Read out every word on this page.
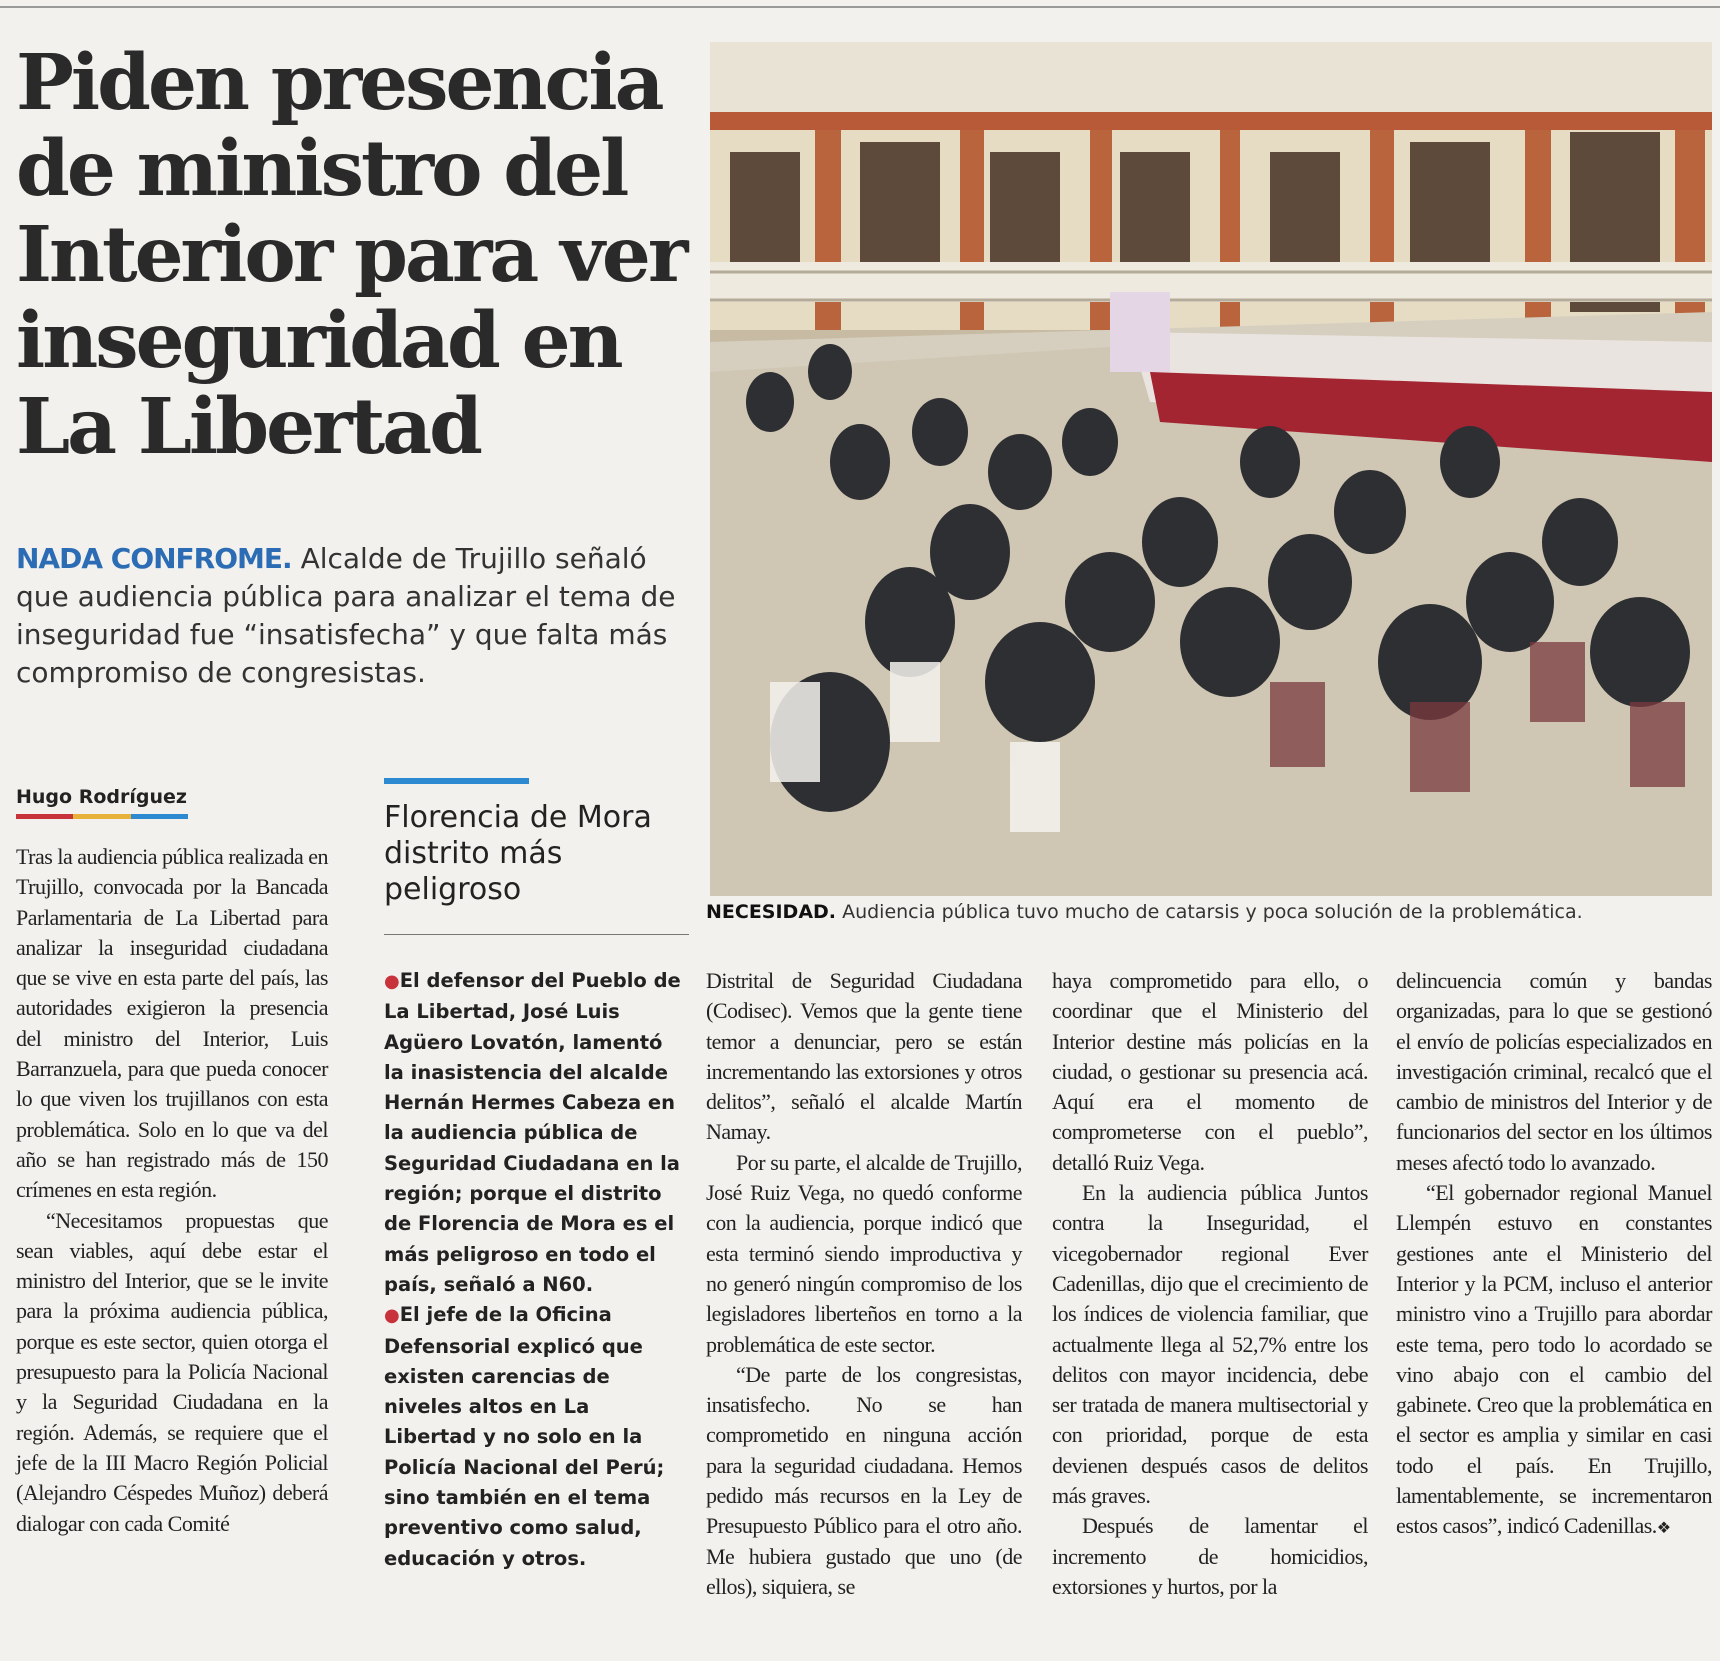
Piden presencia de ministro del Interior para ver inseguridad en La Libertad

NADA CONFROME. Alcalde de Trujillo señaló que audiencia pública para analizar el tema de inseguridad fue “insatisfecha” y que falta más compromiso de congresistas.

NECESIDAD. Audiencia pública tuvo mucho de catarsis y poca solución de la problemática.
Hugo Rodríguez
Florencia de Mora distrito más peligroso

●El defensor del Pueblo de La Libertad, José Luis Agüero Lovatón, lamentó la inasistencia del alcalde Hernán Hermes Cabeza en la audiencia pública de Seguridad Ciudadana en la región; porque el distrito de Florencia de Mora es el más peligroso en todo el país, señaló a N60.

●El jefe de la Oficina Defensorial explicó que existen carencias de niveles altos en La Libertad y no solo en la Policía Nacional del Perú; sino también en el tema preventivo como salud, educación y otros.

Tras la audiencia pública realizada en Trujillo, convocada por la Bancada Parlamentaria de La Libertad para analizar la inseguridad ciudadana que se vive en esta parte del país, las autoridades exigieron la presencia del ministro del Interior, Luis Barranzuela, para que pueda conocer lo que viven los trujillanos con esta problemática. Solo en lo que va del año se han registrado más de 150 crímenes en esta región.

“Necesitamos propuestas que sean viables, aquí debe estar el ministro del Interior, que se le invite para la próxima audiencia pública, porque es este sector, quien otorga el presupuesto para la Policía Nacional y la Seguridad Ciudadana en la región. Además, se requiere que el jefe de la III Macro Región Policial (Alejandro Céspedes Muñoz) deberá dialogar con cada Comité

Distrital de Seguridad Ciudadana (Codisec). Vemos que la gente tiene temor a denunciar, pero se están incrementando las extorsiones y otros delitos”, señaló el alcalde Martín Namay.

Por su parte, el alcalde de Trujillo, José Ruiz Vega, no quedó conforme con la audiencia, porque indicó que esta terminó siendo improductiva y no generó ningún compromiso de los legisladores liberteños en torno a la problemática de este sector.

“De parte de los congresistas, insatisfecho. No se han comprometido en ninguna acción para la seguridad ciudadana. Hemos pedido más recursos en la Ley de Presupuesto Público para el otro año. Me hubiera gustado que uno (de ellos), siquiera, se

haya comprometido para ello, o coordinar que el Ministerio del Interior destine más policías en la ciudad, o gestionar su presencia acá. Aquí era el momento de comprometerse con el pueblo”, detalló Ruiz Vega.

En la audiencia pública Juntos contra la Inseguridad, el vicegobernador regional Ever Cadenillas, dijo que el crecimiento de los índices de violencia familiar, que actualmente llega al 52,7% entre los delitos con mayor incidencia, debe ser tratada de manera multisectorial y con prioridad, porque de esta devienen después casos de delitos más graves.

Después de lamentar el incremento de homicidios, extorsiones y hurtos, por la

delincuencia común y bandas organizadas, para lo que se gestionó el envío de policías especializados en investigación criminal, recalcó que el cambio de ministros del Interior y de funcionarios del sector en los últimos meses afectó todo lo avanzado.

“El gobernador regional Manuel Llempén estuvo en constantes gestiones ante el Ministerio del Interior y la PCM, incluso el anterior ministro vino a Trujillo para abordar este tema, pero todo lo acordado se vino abajo con el cambio del gabinete. Creo que la problemática en el sector es amplia y similar en casi todo el país. En Trujillo, lamentablemente, se incrementaron estos casos”, indicó Cadenillas.❖
